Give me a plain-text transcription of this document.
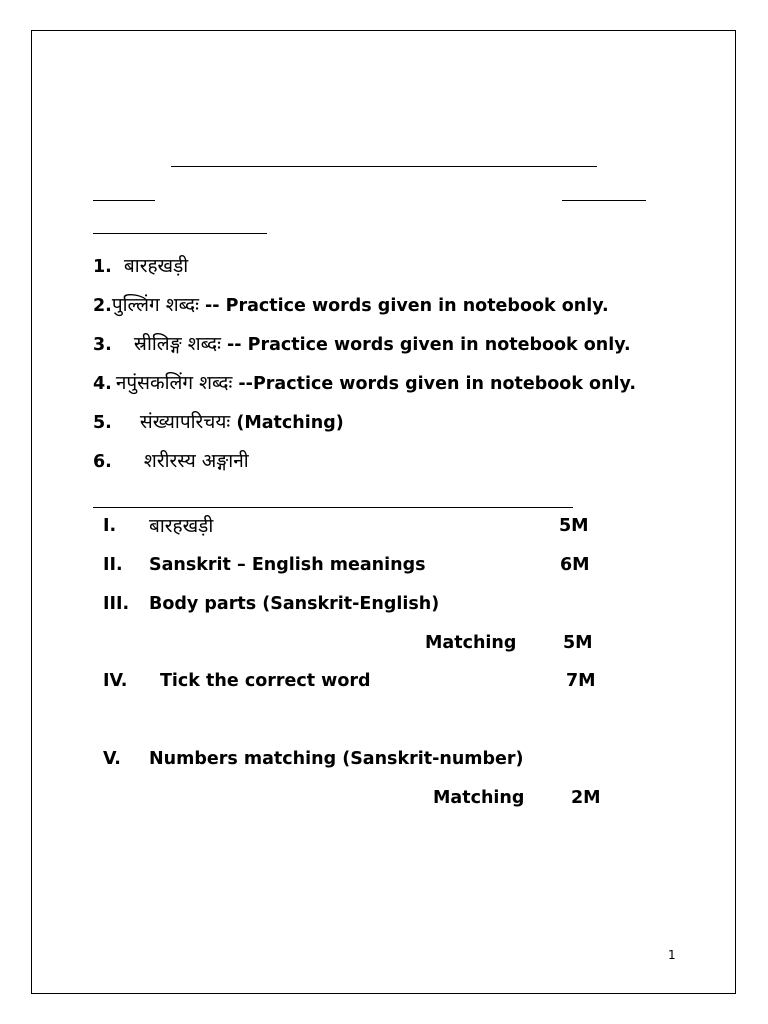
1. बारहखड़ी
2.पुल्लिंग शब्दः -- Practice words given in notebook only.
3. स्रीलिङ्ग शब्दः -- Practice words given in notebook only.
4. नपुंसकलिंग शब्दः --Practice words given in notebook only.
5. संख्यापरिचयः (Matching)
6. शरीरस्य अङ्गानी
I. बारहखड़ी	5M
II. Sanskrit – English meanings	6M
III. Body parts (Sanskrit-English)
Matching	5M
IV. Tick the correct word	7M
V. Numbers matching (Sanskrit-number)
Matching	2M
1
